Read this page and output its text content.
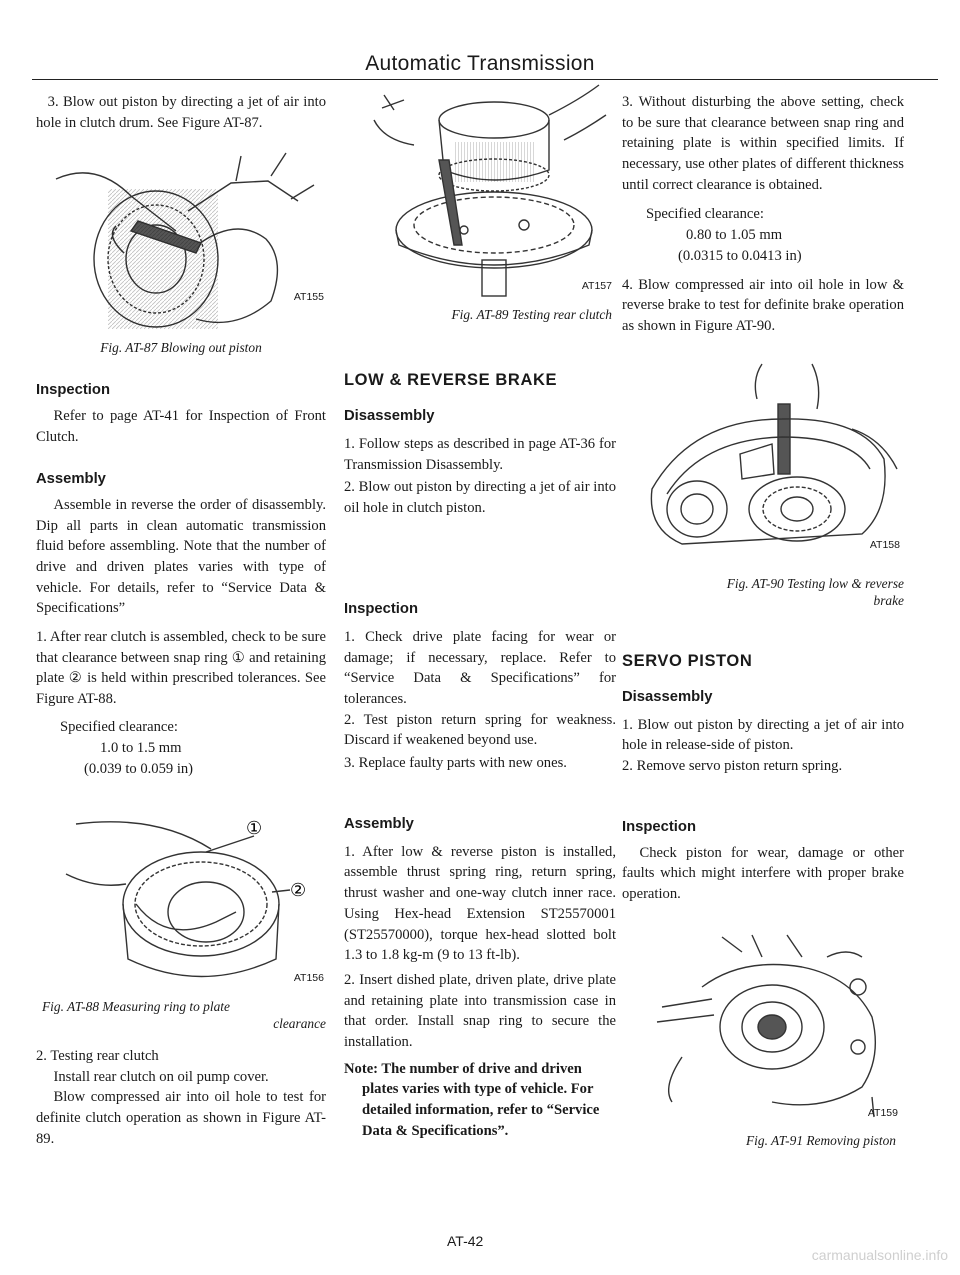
Automatic Transmission

3. Blow out piston by directing a jet of air into hole in clutch drum. See Figure AT-87.

AT155
Fig. AT-87 Blowing out piston
Inspection

Refer to page AT-41 for Inspection of Front Clutch.

Assembly

Assemble in reverse the order of disassembly. Dip all parts in clean automatic transmission fluid before assembling. Note that the number of drive and driven plates varies with type of vehicle. For details, refer to “Service Data & Specifications”

1. After rear clutch is assembled, check to be sure that clearance between snap ring ① and retaining plate ② is held within prescribed tolerances. See Figure AT-88.

Specified clearance:
1.0 to 1.5 mm
(0.039 to 0.059 in)
①
②
AT156
Fig. AT-88 Measuring ring to plate
clearance

2. Testing rear clutch

Install rear clutch on oil pump cover.

Blow compressed air into oil hole to test for definite clutch operation as shown in Figure AT-89.

AT157
Fig. AT-89 Testing rear clutch
LOW & REVERSE BRAKE
Disassembly

1. Follow steps as described in page AT-36 for Transmission Disassembly.

2. Blow out piston by directing a jet of air into oil hole in clutch piston.

Inspection

1. Check drive plate facing for wear or damage; if necessary, replace. Refer to “Service Data & Specifications” for tolerances.

2. Test piston return spring for weakness. Discard if weakened beyond use.

3. Replace faulty parts with new ones.

Assembly

1. After low & reverse piston is installed, assemble thrust spring ring, return spring, thrust washer and one-way clutch inner race. Using Hex-head Extension ST25570001 (ST25570000), torque hex-head slotted bolt 1.3 to 1.8 kg-m (9 to 13 ft-lb).

2. Insert dished plate, driven plate, drive plate and retaining plate into transmission case in that order. Install snap ring to secure the installation.

Note: The number of drive and driven plates varies with type of vehicle. For detailed information, refer to “Service Data & Specifications”.

3. Without disturbing the above setting, check to be sure that clearance between snap ring and retaining plate is within specified limits. If necessary, use other plates of different thickness until correct clearance is obtained.

Specified clearance:
0.80 to 1.05 mm
(0.0315 to 0.0413 in)

4. Blow compressed air into oil hole in low & reverse brake to test for definite brake operation as shown in Figure AT-90.

AT158
Fig. AT-90 Testing low & reverse
brake
SERVO PISTON
Disassembly

1. Blow out piston by directing a jet of air into hole in release-side of piston.

2. Remove servo piston return spring.

Inspection

Check piston for wear, damage or other faults which might interfere with proper brake operation.

AT159
Fig. AT-91 Removing piston
AT-42
carmanualsonline.info
